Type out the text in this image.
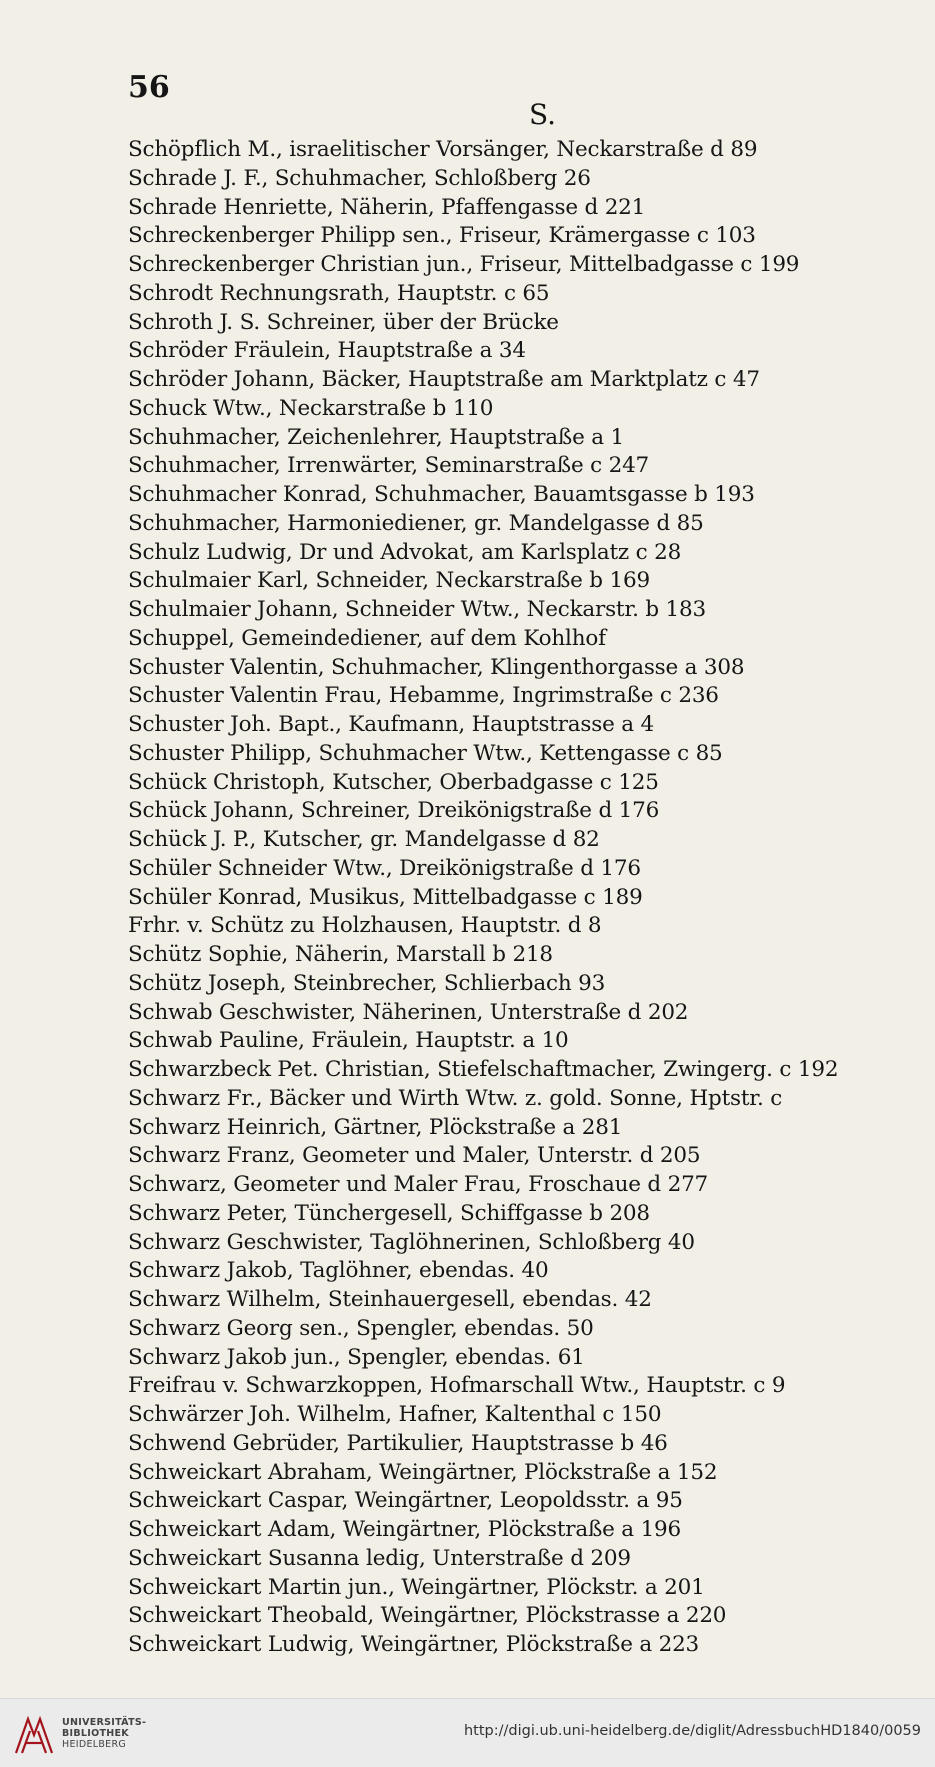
56
S.
Schöpflich M., israelitischer Vorsänger, Neckarstraße d 89
Schrade J. F., Schuhmacher, Schloßberg 26
Schrade Henriette, Näherin, Pfaffengasse d 221
Schreckenberger Philipp sen., Friseur, Krämergasse c 103
Schreckenberger Christian jun., Friseur, Mittelbadgasse c 199
Schrodt Rechnungsrath, Hauptstr. c 65
Schroth J. S. Schreiner, über der Brücke
Schröder Fräulein, Hauptstraße a 34
Schröder Johann, Bäcker, Hauptstraße am Marktplatz c 47
Schuck Wtw., Neckarstraße b 110
Schuhmacher, Zeichenlehrer, Hauptstraße a 1
Schuhmacher, Irrenwärter, Seminarstraße c 247
Schuhmacher Konrad, Schuhmacher, Bauamtsgasse b 193
Schuhmacher, Harmoniediener, gr. Mandelgasse d 85
Schulz Ludwig, Dr und Advokat, am Karlsplatz c 28
Schulmaier Karl, Schneider, Neckarstraße b 169
Schulmaier Johann, Schneider Wtw., Neckarstr. b 183
Schuppel, Gemeindediener, auf dem Kohlhof
Schuster Valentin, Schuhmacher, Klingenthorgasse a 308
Schuster Valentin Frau, Hebamme, Ingrimstraße c 236
Schuster Joh. Bapt., Kaufmann, Hauptstrasse a 4
Schuster Philipp, Schuhmacher Wtw., Kettengasse c 85
Schück Christoph, Kutscher, Oberbadgasse c 125
Schück Johann, Schreiner, Dreikönigstraße d 176
Schück J. P., Kutscher, gr. Mandelgasse d 82
Schüler Schneider Wtw., Dreikönigstraße d 176
Schüler Konrad, Musikus, Mittelbadgasse c 189
Frhr. v. Schütz zu Holzhausen, Hauptstr. d 8
Schütz Sophie, Näherin, Marstall b 218
Schütz Joseph, Steinbrecher, Schlierbach 93
Schwab Geschwister, Näherinen, Unterstraße d 202
Schwab Pauline, Fräulein, Hauptstr. a 10
Schwarzbeck Pet. Christian, Stiefelschaftmacher, Zwingerg. c 192
Schwarz Fr., Bäcker und Wirth Wtw. z. gold. Sonne, Hptstr. c
Schwarz Heinrich, Gärtner, Plöckstraße a 281
Schwarz Franz, Geometer und Maler, Unterstr. d 205
Schwarz, Geometer und Maler Frau, Froschaue d 277
Schwarz Peter, Tünchergesell, Schiffgasse b 208
Schwarz Geschwister, Taglöhnerinen, Schloßberg 40
Schwarz Jakob, Taglöhner, ebendas. 40
Schwarz Wilhelm, Steinhauergesell, ebendas. 42
Schwarz Georg sen., Spengler, ebendas. 50
Schwarz Jakob jun., Spengler, ebendas. 61
Freifrau v. Schwarzkoppen, Hofmarschall Wtw., Hauptstr. c 9
Schwärzer Joh. Wilhelm, Hafner, Kaltenthal c 150
Schwend Gebrüder, Partikulier, Hauptstrasse b 46
Schweickart Abraham, Weingärtner, Plöckstraße a 152
Schweickart Caspar, Weingärtner, Leopoldsstr. a 95
Schweickart Adam, Weingärtner, Plöckstraße a 196
Schweickart Susanna ledig, Unterstraße d 209
Schweickart Martin jun., Weingärtner, Plöckstr. a 201
Schweickart Theobald, Weingärtner, Plöckstrasse a 220
Schweickart Ludwig, Weingärtner, Plöckstraße a 223
UNIVERSITÄTS-
BIBLIOTHEK
HEIDELBERG
http://digi.ub.uni-heidelberg.de/diglit/AdressbuchHD1840/0059
